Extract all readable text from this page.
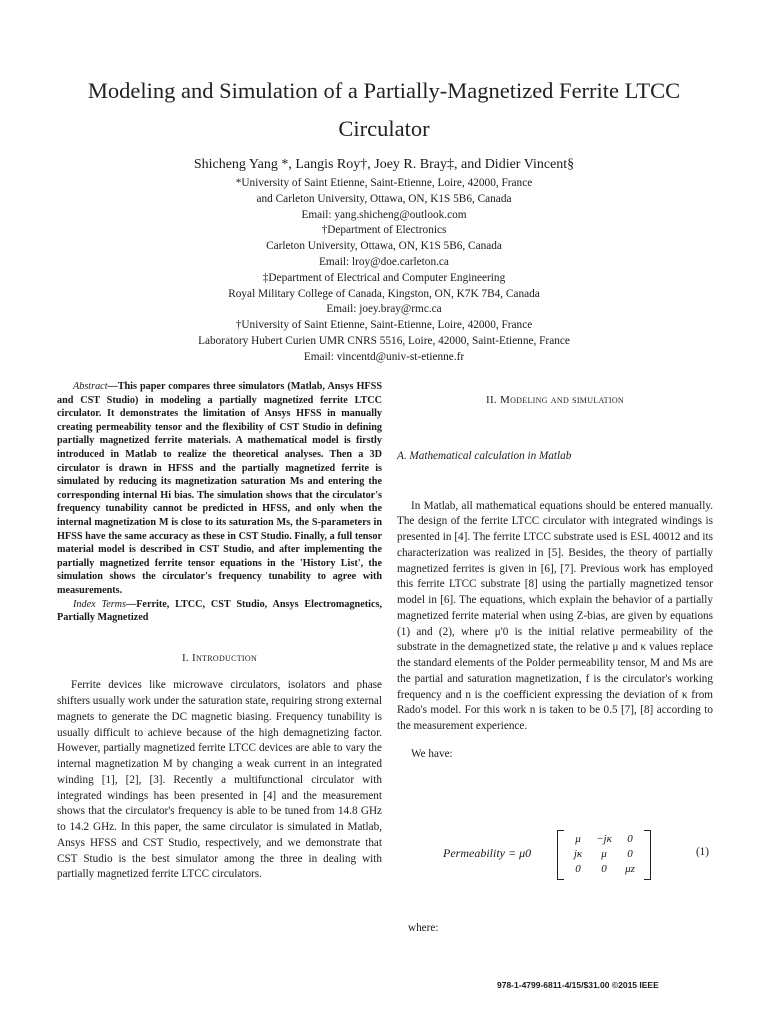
Modeling and Simulation of a Partially-Magnetized Ferrite LTCC Circulator
Shicheng Yang *, Langis Roy†, Joey R. Bray‡, and Didier Vincent§
*University of Saint Etienne, Saint-Etienne, Loire, 42000, France
and Carleton University, Ottawa, ON, K1S 5B6, Canada
Email: yang.shicheng@outlook.com
†Department of Electronics
Carleton University, Ottawa, ON, K1S 5B6, Canada
Email: lroy@doe.carleton.ca
‡Department of Electrical and Computer Engineering
Royal Military College of Canada, Kingston, ON, K7K 7B4, Canada
Email: joey.bray@rmc.ca
†University of Saint Etienne, Saint-Etienne, Loire, 42000, France
Laboratory Hubert Curien UMR CNRS 5516, Loire, 42000, Saint-Etienne, France
Email: vincentd@univ-st-etienne.fr

Abstract—This paper compares three simulators (Matlab, Ansys HFSS and CST Studio) in modeling a partially magnetized ferrite LTCC circulator. It demonstrates the limitation of Ansys HFSS in manually creating permeability tensor and the flexibility of CST Studio in defining partially magnetized ferrite materials. A mathematical model is firstly introduced in Matlab to realize the theoretical analyses. Then a 3D circulator is drawn in HFSS and the partially magnetized ferrite is simulated by reducing its magnetization saturation Ms and entering the corresponding internal Hi bias. The simulation shows that the circulator's frequency tunability cannot be predicted in HFSS, and only when the internal magnetization M is close to its saturation Ms, the S-parameters in HFSS have the same accuracy as these in CST Studio. Finally, a full tensor material model is described in CST Studio, and after implementing the partially magnetized ferrite tensor equations in the 'History List', the simulation shows the circulator's frequency tunability to agree with measurements.

Index Terms—Ferrite, LTCC, CST Studio, Ansys Electromagnetics, Partially Magnetized

I. Introduction

Ferrite devices like microwave circulators, isolators and phase shifters usually work under the saturation state, requiring strong external magnets to generate the DC magnetic biasing. Frequency tunability is usually difficult to achieve because of the high demagnetizing factor. However, partially magnetized ferrite LTCC devices are able to vary the internal magnetization M by changing a weak current in an integrated winding [1], [2], [3]. Recently a multifunctional circulator with integrated windings has been presented in [4] and the measurement shows that the circulator's frequency is able to be tuned from 14.8 GHz to 14.2 GHz. In this paper, the same circulator is simulated in Matlab, Ansys HFSS and CST Studio, respectively, and we demonstrate that CST Studio is the best simulator among the three in dealing with partially magnetized ferrite LTCC circulators.

II. Modeling and simulation

A. Mathematical calculation in Matlab

In Matlab, all mathematical equations should be entered manually. The design of the ferrite LTCC circulator with integrated windings is presented in [4]. The ferrite LTCC substrate used is ESL 40012 and its characterization was realized in [5]. Besides, the theory of partially magnetized ferrites is given in [6], [7]. Previous work has employed this ferrite LTCC substrate [8] using the partially magnetized tensor model in [6]. The equations, which explain the behavior of a partially magnetized ferrite material when using Z-bias, are given by equations (1) and (2), where μ'0 is the initial relative permeability of the substrate in the demagnetized state, the relative μ and κ values replace the standard elements of the Polder permeability tensor, M and Ms are the partial and saturation magnetization, f is the circulator's working frequency and n is the coefficient expressing the deviation of κ from Rado's model. For this work n is taken to be 0.5 [7], [8] according to the measurement experience.

We have:

Permeability = μ0
μ	−jκ	0
jκ	μ	0
0	0	μz
(1)
where:
978-1-4799-6811-4/15/$31.00 ©2015 IEEE
